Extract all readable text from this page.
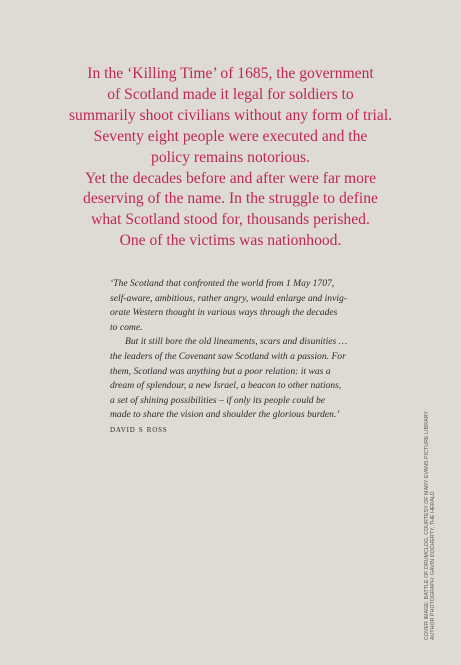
In the ‘Killing Time’ of 1685, the government
of Scotland made it legal for soldiers to
summarily shoot civilians without any form of trial.
Seventy eight people were executed and the
policy remains notorious.
Yet the decades before and after were far more
deserving of the name. In the struggle to define
what Scotland stood for, thousands perished.
One of the victims was nationhood.

‘The Scotland that confronted the world from 1 May 1707,
self-aware, ambitious, rather angry, would enlarge and invig-
orate Western thought in various ways through the decades
to come.
But it still bore the old lineaments, scars and disunities …
the leaders of the Covenant saw Scotland with a passion. For
them, Scotland was anything but a poor relation: it was a
dream of splendour, a new Israel, a beacon to other nations,
a set of shining possibilities – if only its people could be
made to share the vision and shoulder the glorious burden.’
david s ross	COVER IMAGE: BATTLE OF DRUMCLOG, COURTESY OF MARY EVANS PICTURE LIBRARY AUTHOR PHOTOGRAPH: GAVIN DOCHERTY, THE HERALD
